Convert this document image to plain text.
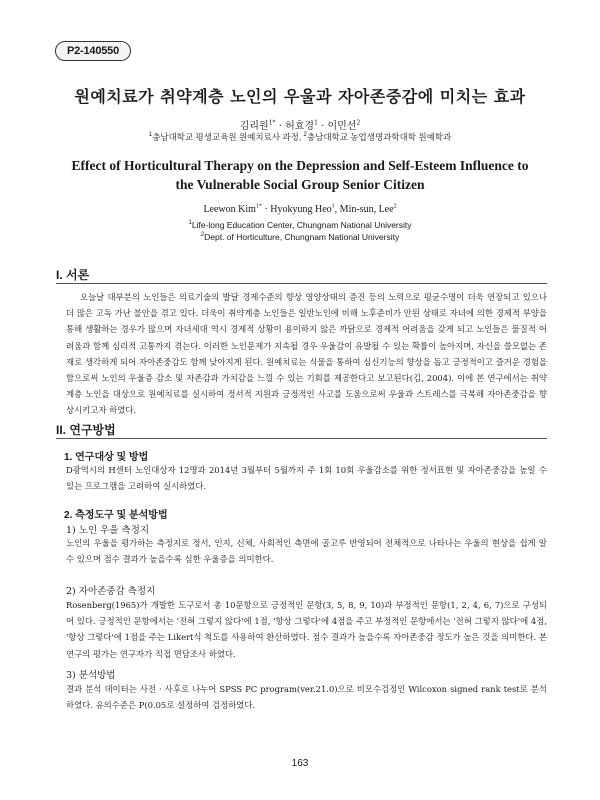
P2-140550
원예치료가 취약계층 노인의 우울과 자아존중감에 미치는 효과
김리원$^{1*}$ · 허효경$^1$ · 이민선$^2$
$^1$충남대학교 평생교육원 원예치료사 과정, $^2$충남대학교 농업생명과학대학 원예학과
Effect of Horticultural Therapy on the Depression and Self-Esteem Influence to the Vulnerable Social Group Senior Citizen
Leewon Kim$^{1*}$ · Hyokyung Heo$^1$, Min-sun, Lee$^2$
$^1$Life-long Education Center, Chungnam National University
$^2$Dept. of Horticulture, Chungnam National University
I. 서론

오늘날 대부분의 노인들은 의료기술의 발달 경제수준의 향상 영양상태의 증진 등의 노력으로 평균수명이 더욱 연장되고 있으나 더 많은 고독 가난 불안을 겪고 있다. 더욱이 취약계층 노인들은 일반노인에 비해 노후준비가 안된 상태로 자녀에 의한 경제적 부양을 통해 생활하는 경우가 많으며 자녀세대 역시 경제적 상황이 용이하지 않은 까닭으로 경제적 어려움을 갖게 되고 노인들은 물질적 어려움과 함께 심리적 고통까지 겪는다. 이러한 노인문제가 지속될 경우 우울감이 유발될 수 있는 확률이 높아지며, 자신을 쓸모없는 존재로 생각하게 되어 자아존중감도 함께 낮아지게 된다. 원예치료는 식물을 통하여 심신기능의 향상을 돕고 긍정적이고 즐거운 경험을 함으로써 노인의 우울증 감소 및 자존감과 가치감을 느낄 수 있는 기회를 제공한다고 보고된다(김, 2004). 이에 본 연구에서는 취약계층 노인을 대상으로 원예치료를 실시하여 정서적 지원과 긍정적인 사고를 도움으로써 우울과 스트레스를 극복해 자아존중감을 향상시키고자 하였다.

II. 연구방법
1. 연구대상 및 방법

D광역시의 H센터 노인대상자 12명과 2014년 3월부터 5월까지 주 1회 10회 우울감소를 위한 정서표현 및 자아존중감을 높일 수 있는 프로그램을 고려하여 실시하였다.

2. 측정도구 및 분석방법
1) 노인 우울 측정지

노인의 우울을 평가하는 측정지로 정서, 인지, 신체, 사회적인 측면에 골고루 반영되어 전체적으로 나타나는 우울의 현상을 쉽게 알 수 있으며 점수 결과가 높을수록 심한 우울증을 의미한다.

2) 자아존중감 측정지

Rosenberg(1965)가 개발한 도구로서 총 10문항으로 긍정적인 문항(3, 5, 8, 9, 10)과 부정적인 문항(1, 2, 4, 6, 7)으로 구성되어 있다. 긍정적인 문항에서는 '전혀 그렇지 않다'에 1점, '항상 그렇다'에 4점을 주고 부정적인 문항에서는 '전혀 그렇지 않다'에 4점, '항상 그렇다'에 1점을 주는 Likert식 척도를 사용하여 환산하였다. 점수 결과가 높을수록 자아존중감 정도가 높은 것을 의미한다. 본 연구의 평가는 연구자가 직접 면담조사 하였다.

3) 분석방법

결과 분석 데이터는 사전 · 사후로 나누어 SPSS PC program(ver.21.0)으로 비모수검정인 Wilcoxon signed rank test로 분석하였다. 유의수준은 P(0.05로 설정하여 검정하였다.

163
